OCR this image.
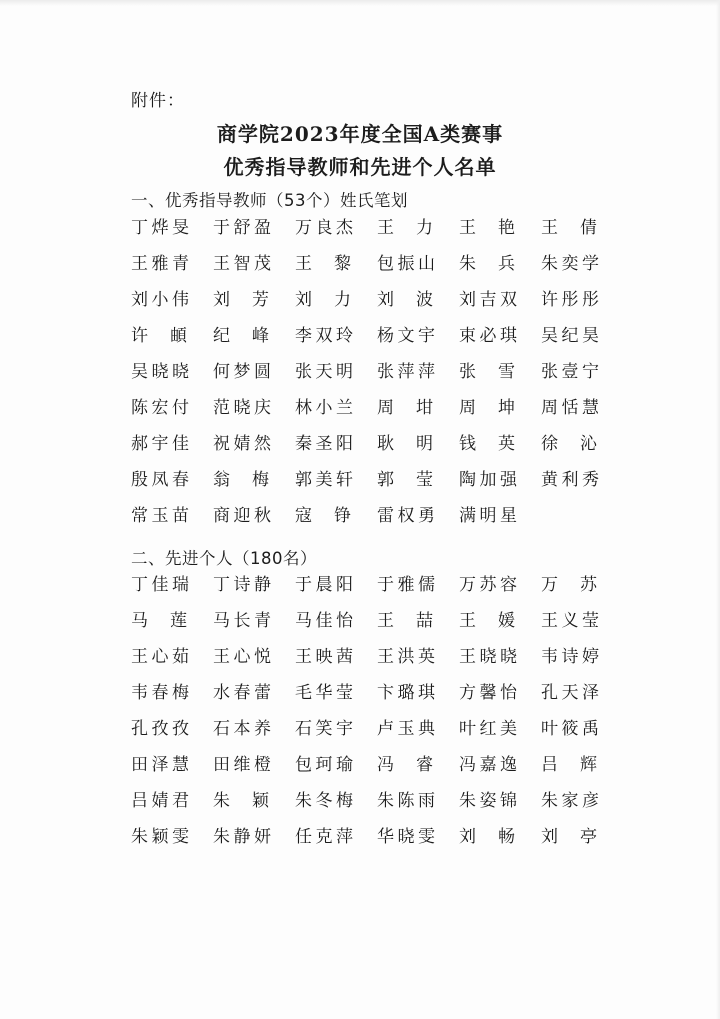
附件：
商学院2023年度全国A类赛事
优秀指导教师和先进个人名单
一、优秀指导教师（53个）姓氏笔划
丁烨旻 于舒盈 万良杰 王力 王艳 王倩
王雅青 王智茂 王黎 包振山 朱兵 朱奕学
刘小伟 刘芳 刘力 刘波 刘吉双 许彤彤
许頔 纪峰 李双玲 杨文宇 束必琪 吴纪昊
吴晓晓 何梦圆 张天明 张萍萍 张雪 张壹宁
陈宏付 范晓庆 林小兰 周坩 周坤 周恬慧
郝宇佳 祝婧然 秦圣阳 耿明 钱英 徐沁
殷凤春 翁梅 郭美轩 郭莹 陶加强 黄利秀
常玉苗 商迎秋 寇铮 雷权勇 满明星
二、先进个人（180名）
丁佳瑞 丁诗静 于晨阳 于雅儒 万苏容 万苏
马莲 马长青 马佳怡 王喆 王媛 王义莹
王心茹 王心悦 王映茜 王洪英 王晓晓 韦诗婷
韦春梅 水春蕾 毛华莹 卞璐琪 方馨怡 孔天泽
孔孜孜 石本养 石笑宇 卢玉典 叶红美 叶筱禹
田泽慧 田维橙 包珂瑜 冯睿 冯嘉逸 吕辉
吕婧君 朱颖 朱冬梅 朱陈雨 朱姿锦 朱家彦
朱颖雯 朱静妍 任克萍 华晓雯 刘畅 刘亭
